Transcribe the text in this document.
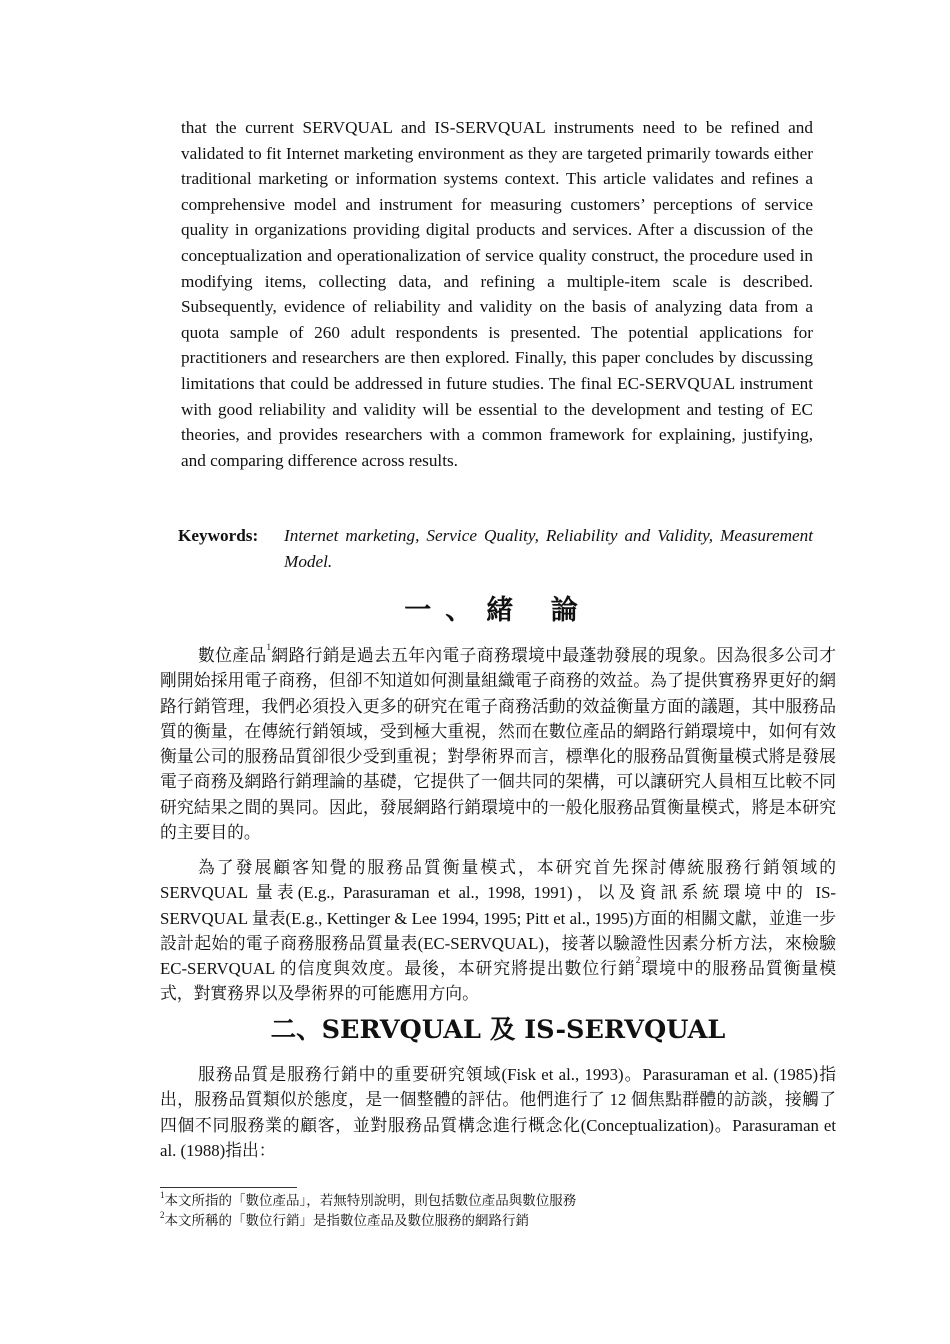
that the current SERVQUAL and IS-SERVQUAL instruments need to be refined and validated to fit Internet marketing environment as they are targeted primarily towards either traditional marketing or information systems context. This article validates and refines a comprehensive model and instrument for measuring customers’ perceptions of service quality in organizations providing digital products and services. After a discussion of the conceptualization and operationalization of service quality construct, the procedure used in modifying items, collecting data, and refining a multiple-item scale is described. Subsequently, evidence of reliability and validity on the basis of analyzing data from a quota sample of 260 adult respondents is presented. The potential applications for practitioners and researchers are then explored. Finally, this paper concludes by discussing limitations that could be addressed in future studies. The final EC-SERVQUAL instrument with good reliability and validity will be essential to the development and testing of EC theories, and provides researchers with a common framework for explaining, justifying, and comparing difference across results.

Keywords: Internet marketing, Service Quality, Reliability and Validity, Measurement Model.
一、緒 論

數位產品$^1$網路行銷是過去五年內電子商務環境中最蓬勃發展的現象。因為很多公司才剛開始採用電子商務，但卻不知道如何測量組織電子商務的效益。為了提供實務界更好的網路行銷管理，我們必須投入更多的研究在電子商務活動的效益衡量方面的議題，其中服務品質的衡量，在傳統行銷領域，受到極大重視，然而在數位產品的網路行銷環境中，如何有效衡量公司的服務品質卻很少受到重視；對學術界而言，標準化的服務品質衡量模式將是發展電子商務及網路行銷理論的基礎，它提供了一個共同的架構，可以讓研究人員相互比較不同研究結果之間的異同。因此，發展網路行銷環境中的一般化服務品質衡量模式，將是本研究的主要目的。

為了發展顧客知覺的服務品質衡量模式，本研究首先探討傳統服務行銷領域的 SERVQUAL 量表(E.g., Parasuraman et al., 1998, 1991)，以及資訊系統環境中的 IS-SERVQUAL 量表(E.g., Kettinger & Lee 1994, 1995; Pitt et al., 1995)方面的相關文獻，並進一步設計起始的電子商務服務品質量表(EC-SERVQUAL)，接著以驗證性因素分析方法，來檢驗 EC-SERVQUAL 的信度與效度。最後，本研究將提出數位行銷$^2$環境中的服務品質衡量模式，對實務界以及學術界的可能應用方向。

二、SERVQUAL 及 IS-SERVQUAL

服務品質是服務行銷中的重要研究領域(Fisk et al., 1993)。Parasuraman et al. (1985)指出，服務品質類似於態度，是一個整體的評估。他們進行了 12 個焦點群體的訪談，接觸了四個不同服務業的顧客，並對服務品質構念進行概念化(Conceptualization)。Parasuraman et al. (1988)指出：

$^1$本文所指的「數位產品」，若無特別說明，則包括數位產品與數位服務
$^2$本文所稱的「數位行銷」是指數位產品及數位服務的網路行銷
